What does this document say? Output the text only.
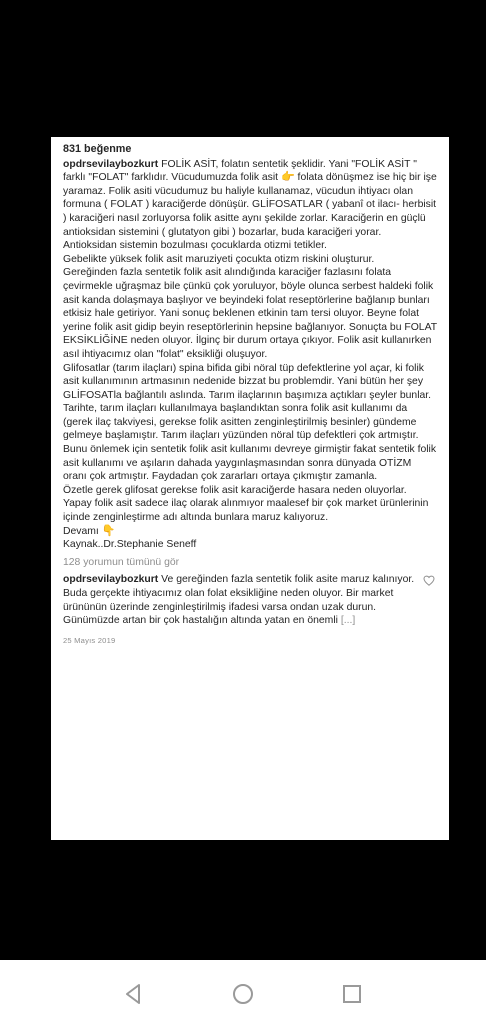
831 beğenme

opdrsevilaybozkurt FOLİK ASİT, folatın sentetik şeklidir. Yani "FOLİK ASİT " farklı "FOLAT" farklıdır. Vücudumuzda folik asit 👉 folata dönüşmez ise hiç bir işe yaramaz. Folik asiti vücudumuz bu haliyle kullanamaz, vücudun ihtiyacı olan formuna ( FOLAT ) karaciğerde dönüşür. GLİFOSATLAR ( yabanî ot ilacı- herbisit ) karaciğeri nasıl zorluyorsa folik asitte aynı şekilde zorlar. Karaciğerin en güçlü antioksidan sistemini ( glutatyon gibi ) bozarlar, buda karaciğeri yorar. Antioksidan sistemin bozulması çocuklarda otizmi tetikler.

Gebelikte yüksek folik asit maruziyeti çocukta otizm riskini oluşturur.

Gereğinden fazla sentetik folik asit alındığında karaciğer fazlasını folata çevirmekle uğraşmaz bile çünkü çok yoruluyor, böyle olunca serbest haldeki folik asit kanda dolaşmaya başlıyor ve beyindeki folat reseptörlerine bağlanıp bunları etkisiz hale getiriyor. Yani sonuç beklenen etkinin tam tersi oluyor. Beyne folat yerine folik asit gidip beyin reseptörlerinin hepsine bağlanıyor. Sonuçta bu FOLAT EKSİKLİĞİNE neden oluyor. İlginç bir durum ortaya çıkıyor. Folik asit kullanırken asıl ihtiyacımız olan "folat" eksikliği oluşuyor.

Glifosatlar (tarım ilaçları) spina bifida gibi nöral tüp defektlerine yol açar, ki folik asit kullanımının artmasının nedenide bizzat bu problemdir. Yani bütün her şey GLİFOSATla bağlantılı aslında. Tarım ilaçlarının başımıza açtıkları şeyler bunlar. Tarihte, tarım ilaçları kullanılmaya başlandıktan sonra folik asit kullanımı da (gerek ilaç takviyesi, gerekse folik asitten zenginleştirilmiş besinler) gündeme gelmeye başlamıştır. Tarım ilaçları yüzünden nöral tüp defektleri çok artmıştır. Bunu önlemek için sentetik folik asit kullanımı devreye girmiştir fakat sentetik folik asit kullanımı ve aşıların dahada yaygınlaşmasından sonra dünyada OTİZM oranı çok artmıştır. Faydadan çok zararları ortaya çıkmıştır zamanla.

Özetle gerek glifosat gerekse folik asit karaciğerde hasara neden oluyorlar.

Yapay folik asit sadece ilaç olarak alınmıyor maalesef bir çok market ürünlerinin içinde zenginleştirme adı altında bunlara maruz kalıyoruz.

Devamı 👇

Kaynak..Dr.Stephanie Seneff

128 yorumun tümünü gör

opdrsevilaybozkurt Ve gereğinden fazla sentetik folik asite maruz kalınıyor. Buda gerçekte ihtiyacımız olan folat eksikliğine neden oluyor. Bir market ürününün üzerinde zenginleştirilmiş ifadesi varsa ondan uzak durun.

Günümüzde artan bir çok hastalığın altında yatan en önemli [...]

25 Mayıs 2019
